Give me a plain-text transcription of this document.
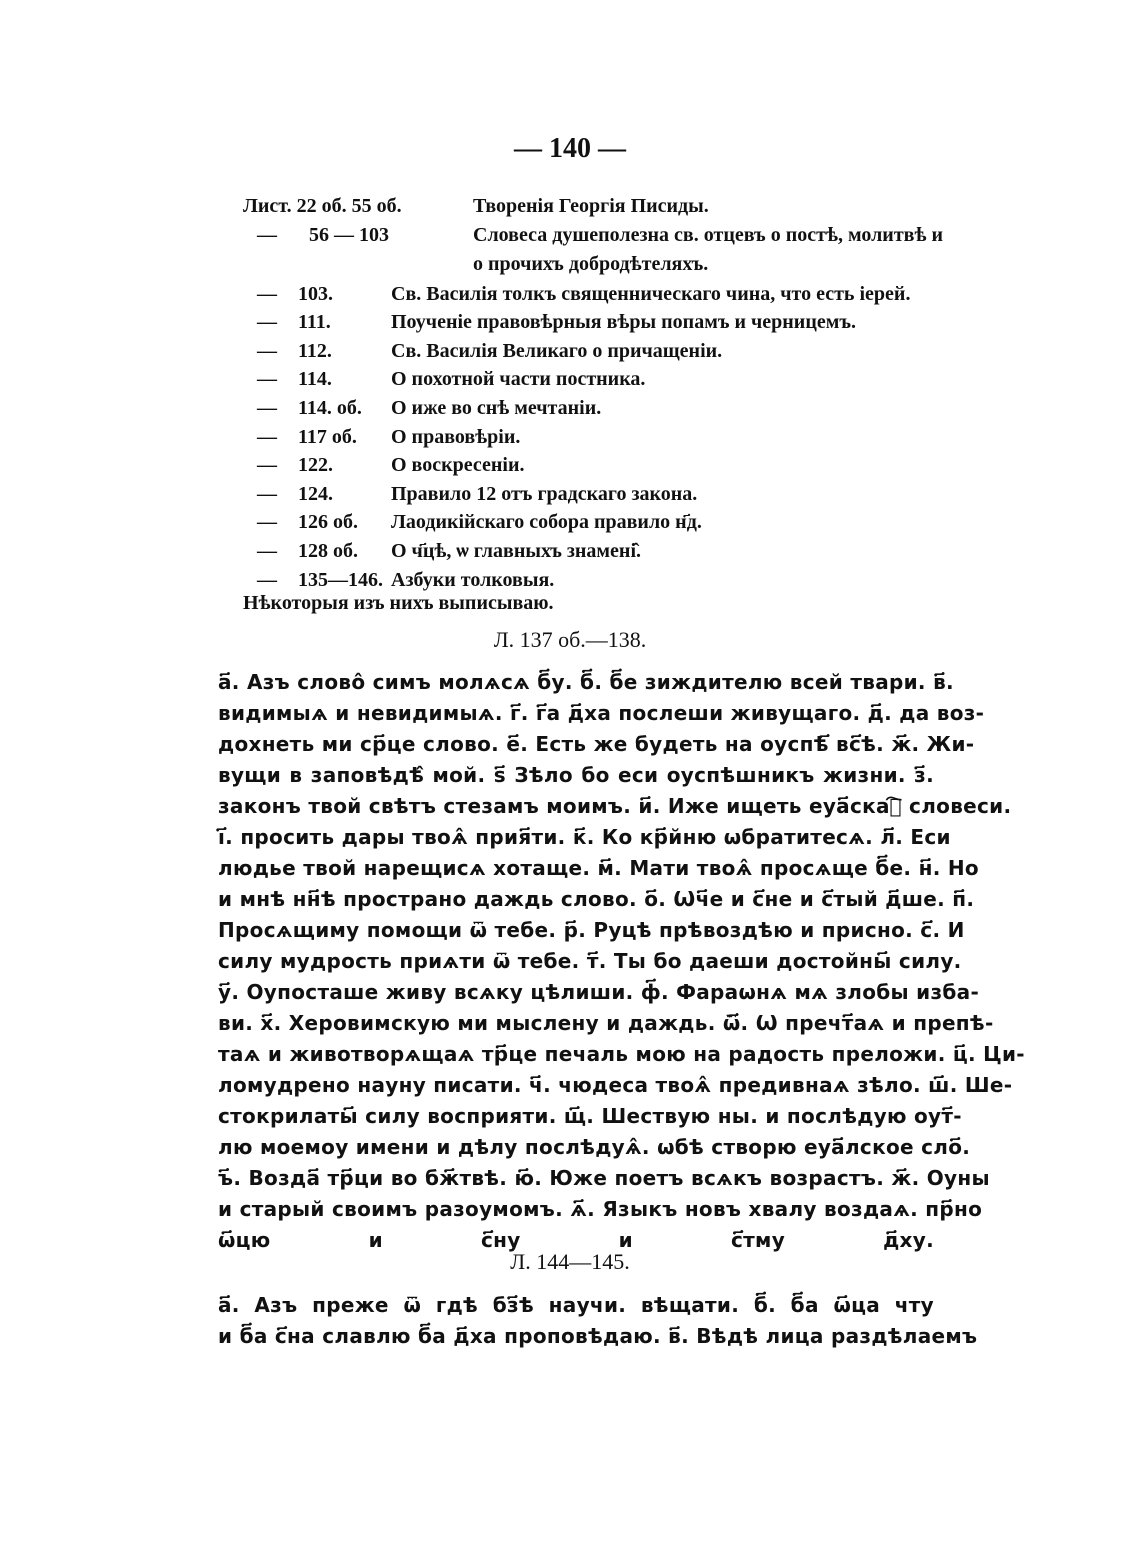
— 140 —
Лист. 22 об. 55 об.	Творенія Георгія Писиды.
— 56 — 103	Словеса душеполезна св. отцевъ о постѣ, молитвѣ и о прочихъ добродѣтеляхъ.
— 103.	Св. Василія толкъ священническаго чина, что есть iерей.
— 111.	Поученіе правовѣрныя вѣры попамъ и черницемъ.
— 112.	Св. Василія Великаго о причащеніи.
— 114.	О похотной части постника.
— 114. об. О иже во снѣ мечтаніи.
— 117 об. О правовѣріи.
— 122.	О воскресеніи.
— 124.	Правило 12 отъ градскаго закона.
— 126 об. Лаодикійскаго собора правило н҃д.
— 128 об. О ч҃цѣ, ѡ главныхъ знамені̂.
— 135—146. Азбуки толковыя.
Нѣкоторыя изъ нихъ выписываю.
Л. 137 об.—138.
а҃. Азъ слово̂ симъ молѧсѧ б҃у. б҃. б҃е зиждителю всей твари. в҃.
видимыѧ и невидимыѧ. г҃. г҃а д҃ха послеши живущаго. д҃. да воз-
дохнеть ми ср҃це слово. е҃. Есть же будеть на оуспѣ҃ вс҃ѣ. ж҃. Жи-
вущи в заповѣдѣ̂ мой. ѕ҃ Зѣло бо еси оуспѣшникъ жизни. з҃.
законъ твой свѣтъ стезамъ моимъ. и҃. Иже ищеть еуа҃скаⷢ҇ словеси.
і҃. просить дары твоѧ̂ прия҃ти. к҃. Ко кр҃йню ѡбратитесѧ. л҃. Еси
людье твой нарещисѧ хотаще. м҃. Мати твоѧ̂ просѧще б҃е. н҃. Но
и мнѣ нн҃ѣ пространо даждь слово. о҃. Ѡч҃е и с҃не и с҃тый д҃ше. п҃.
Просѧщиму помощи ѿ тебе. р҃. Руцѣ прѣвоздѣю и присно. с҃. И
силу мудрость приѧти ѿ тебе. т҃. Ты бо даеши достойны҃ силу.
у҃. Оупосташе живу всѧку цѣлиши. ф҃. Фараѡнѧ мѧ злобы изба-
ви. х҃. Херовимскую ми мыслену и даждь. ѿ҃. Ѡ пречт҃аѧ и препѣ-
таѧ и животворѧщаѧ тр҃це печаль мою на радость преложи. ц҃. Ци-
ломудрено науну писати. ч҃. чюдеса твоѧ̂ предивнаѧ зѣло. ш҃. Ше-
стокрилаты҃ силу восприяти. щ҃. Шествую ны. и послѣдую оут҃-
лю моемоу имени и дѣлу послѣдуѧ̂. ѡбѣ створю еуа҃лское сло҃.
ъ҃. Возда҃ тр҃ци во бж҃твѣ. ю҃. Юже поетъ всѧкъ возрастъ. ж҃. Оуны
и старый своимъ разоумомъ. ѧ҃. Языкъ новъ хвалу воздаѧ. пр҃но
ѡ҃цю и с҃ну и с҃тму д҃ху.
Л. 144—145.
а҃. Азъ преже ѿ гдѣ бз҃ѣ научи. вѣщати. б҃. б҃а ѡ҃ца чту
и б҃а с҃на славлю б҃а д҃ха проповѣдаю. в҃. Вѣдѣ лица раздѣлаемъ
